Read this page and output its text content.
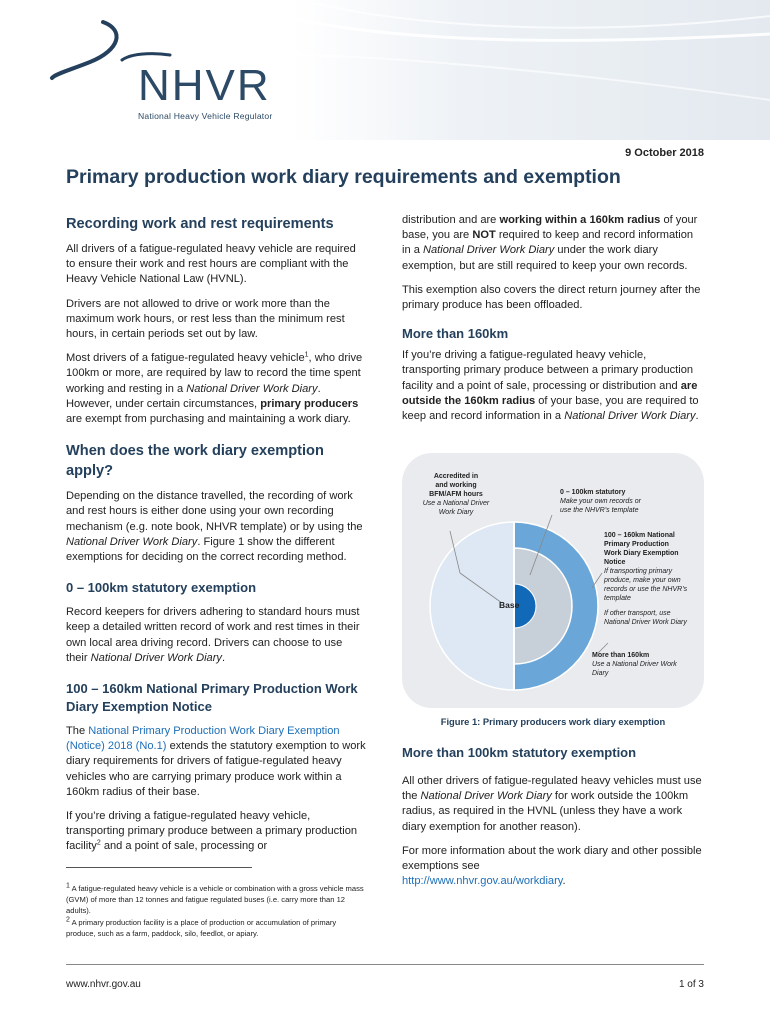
NHVR
National Heavy Vehicle Regulator
9 October 2018
Primary production work diary requirements and exemption
Recording work and rest requirements

All drivers of a fatigue-regulated heavy vehicle are required to ensure their work and rest hours are compliant with the Heavy Vehicle National Law (HVNL).

Drivers are not allowed to drive or work more than the maximum work hours, or rest less than the minimum rest hours, in certain periods set out by law.

Most drivers of a fatigue-regulated heavy vehicle$^1$, who drive 100km or more, are required by law to record the time spent working and resting in a National Driver Work Diary. However, under certain circumstances, primary producers are exempt from purchasing and maintaining a work diary.

When does the work diary exemption apply?

Depending on the distance travelled, the recording of work and rest hours is either done using your own recording mechanism (e.g. note book, NHVR template) or by using the National Driver Work Diary. Figure 1 show the different exemptions for deciding on the correct recording method.

0 – 100km statutory exemption

Record keepers for drivers adhering to standard hours must keep a detailed written record of work and rest times in their own local area driving record. Drivers can choose to use their National Driver Work Diary.

100 – 160km National Primary Production Work Diary Exemption Notice

The National Primary Production Work Diary Exemption (Notice) 2018 (No.1) extends the statutory exemption to work diary requirements for drivers of fatigue-regulated heavy vehicles who are carrying primary produce work within a 160km radius of their base.

If you’re driving a fatigue-regulated heavy vehicle, transporting primary produce between a primary production facility$^2$ and a point of sale, processing or

$^1$ A fatigue-regulated heavy vehicle is a vehicle or combination with a gross vehicle mass (GVM) of more than 12 tonnes and fatigue regulated buses (i.e. carry more than 12 adults).

$^2$ A primary production facility is a place of production or accumulation of primary produce, such as a farm, paddock, silo, feedlot, or apiary.

distribution and are working within a 160km radius of your base, you are NOT required to keep and record information in a National Driver Work Diary under the work diary exemption, but are still required to keep your own records.

This exemption also covers the direct return journey after the primary produce has been offloaded.

More than 160km

If you’re driving a fatigue-regulated heavy vehicle, transporting primary produce between a primary production facility and a point of sale, processing or distribution and are outside the 160km radius of your base, you are required to keep and record information in a National Driver Work Diary.

Accredited in
and working
BFM/AFM hours
Use a National Driver
Work Diary
0 – 100km statutory
Make your own records or
use the NHVR’s template
100 – 160km National
Primary Production
Work Diary Exemption
Notice
If transporting primary
produce, make your own
records or use the NHVR’s
template
If other transport, use
National Driver Work Diary
More than 160km
Use a National Driver Work
Diary
Base
Figure 1: Primary producers work diary exemption
More than 100km statutory exemption

All other drivers of fatigue-regulated heavy vehicles must use the National Driver Work Diary for work outside the 100km radius, as required in the HVNL (unless they have a work diary exemption for another reason).

For more information about the work diary and other possible exemptions see
http://www.nhvr.gov.au/workdiary.

www.nhvr.gov.au	1 of 3
